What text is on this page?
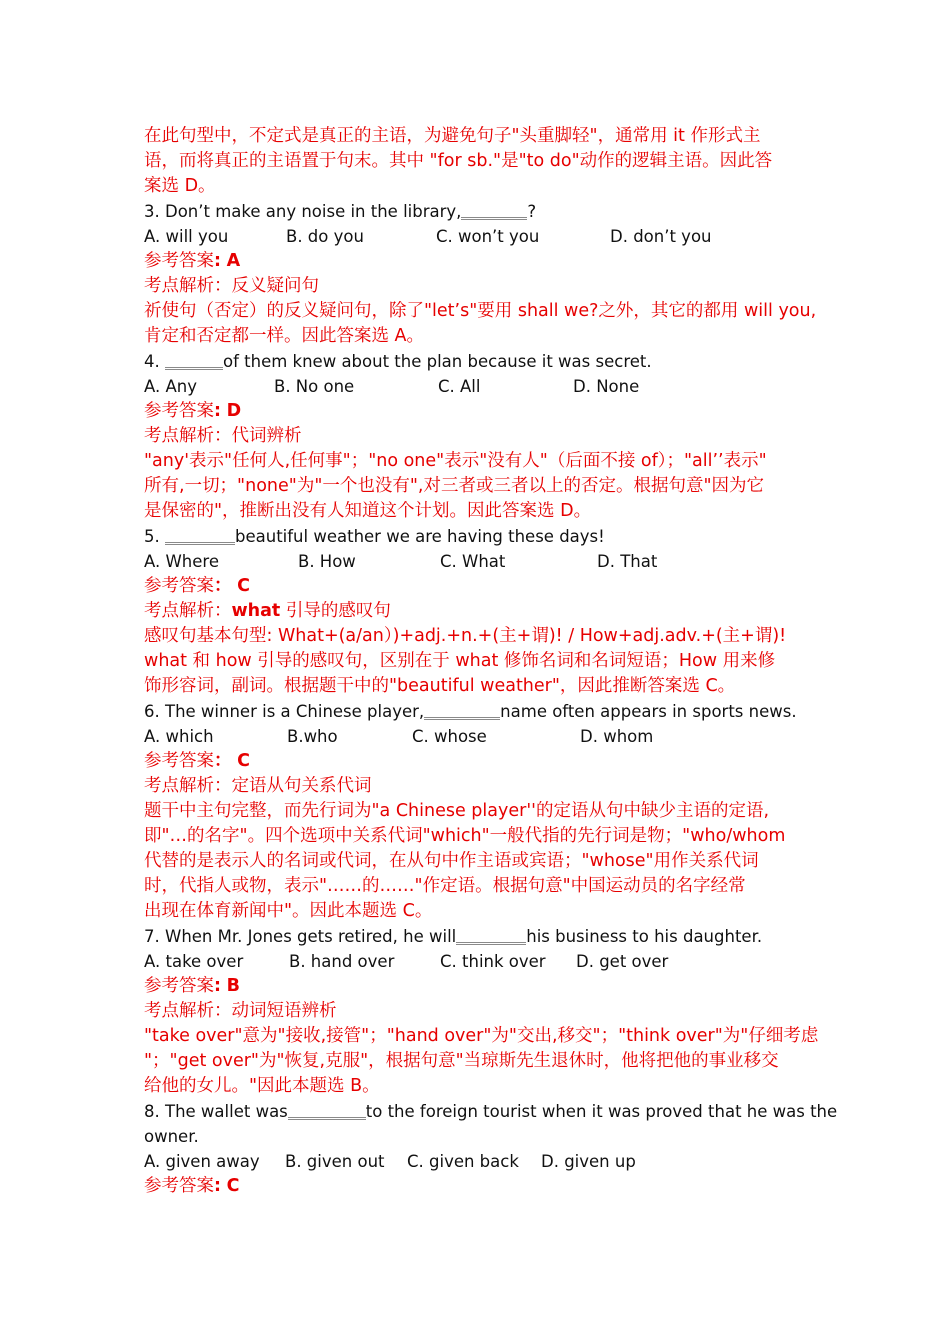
在此句型中，不定式是真正的主语，为避免句子"头重脚轻"，通常用 it 作形式主
语，而将真正的主语置于句末。其中 "for sb."是"to do"动作的逻辑主语。因此答
案选 D。
3. Don’t make any noise in the library,	?
A. will you	B. do you	C. won’t you	D. don’t you
参考答案: A
考点解析：反义疑问句
祈使句（否定）的反义疑问句，除了"let’s"要用 shall we?之外，其它的都用 will you,
肯定和否定都一样。因此答案选 A。
4.	of them knew about the plan because it was secret.
A. Any	B. No one	C. All	D. None
参考答案: D
考点解析：代词辨析
"any'表示"任何人,任何事"；"no one"表示"没有人"（后面不接 of）；"all’’表示"
所有,一切；"none"为"一个也没有",对三者或三者以上的否定。根据句意"因为它
是保密的"，推断出没有人知道这个计划。因此答案选 D。
5.	beautiful weather we are having these days!
A. Where	B. How	C. What	D. That
参考答案： C
考点解析：what 引导的感叹句
感叹句基本句型: What+(a/an）)+adj.+n.+(主+谓)! / How+adj.adv.+(主+谓)!
what 和 how 引导的感叹句，区别在于 what 修饰名词和名词短语；How 用来修
饰形容词，副词。根据题干中的"beautiful weather"，因此推断答案选 C。
6. The winner is a Chinese player,	name often appears in sports news.
A. which	B.who	C. whose	D. whom
参考答案： C
考点解析：定语从句关系代词
题干中主句完整，而先行词为"a Chinese player''的定语从句中缺少主语的定语,
即"…的名字"。四个选项中关系代词"which"一般代指的先行词是物；"who/whom
代替的是表示人的名词或代词，在从句中作主语或宾语；"whose"用作关系代词
时，代指人或物，表示"……的……"作定语。根据句意"中国运动员的名字经常
出现在体育新闻中"。因此本题选 C。
7. When Mr. Jones gets retired, he will	his business to his daughter.
A. take over	B. hand over	C. think over	D. get over
参考答案: B
考点解析：动词短语辨析
"take over"意为"接收,接管"；"hand over"为"交出,移交"；"think over"为"仔细考虑
"；"get over"为"恢复,克服"，根据句意"当琼斯先生退休时，他将把他的事业移交
给他的女儿。"因此本题选 B。
8. The wallet was	to the foreign tourist when it was proved that he was the
owner.
A. given away	B. given out	C. given back	D. given up
参考答案: C
